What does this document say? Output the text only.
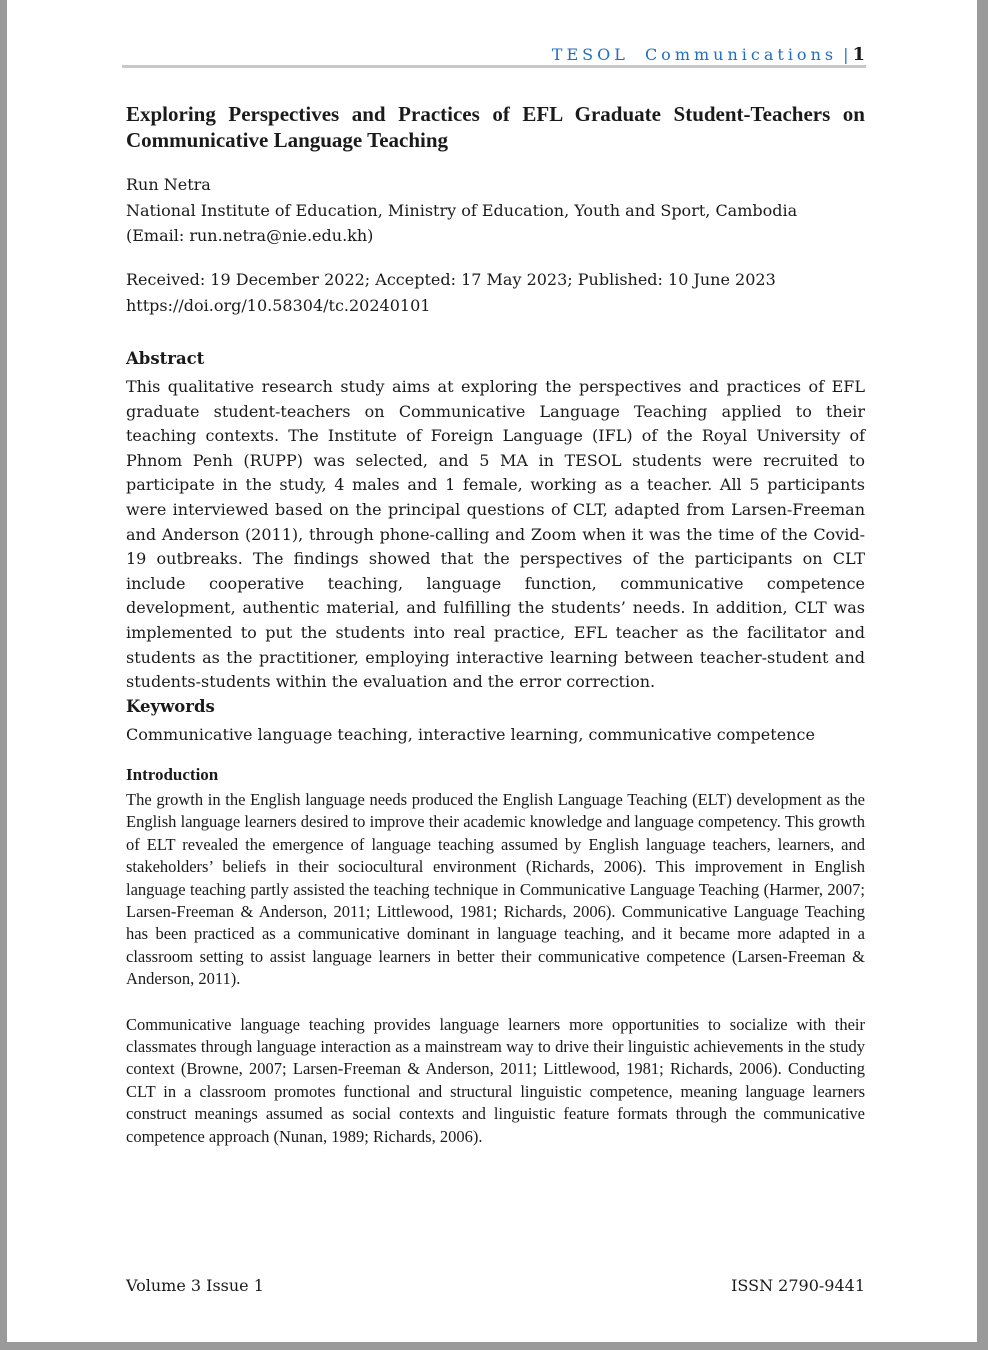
TESOL Communications | 1
Exploring Perspectives and Practices of EFL Graduate Student-Teachers on Communicative Language Teaching
Run Netra
National Institute of Education, Ministry of Education, Youth and Sport, Cambodia
(Email: run.netra@nie.edu.kh)
Received: 19 December 2022; Accepted: 17 May 2023; Published: 10 June 2023
https://doi.org/10.58304/tc.20240101
Abstract

This qualitative research study aims at exploring the perspectives and practices of EFL graduate student-teachers on Communicative Language Teaching applied to their teaching contexts. The Institute of Foreign Language (IFL) of the Royal University of Phnom Penh (RUPP) was selected, and 5 MA in TESOL students were recruited to participate in the study, 4 males and 1 female, working as a teacher. All 5 participants were interviewed based on the principal questions of CLT, adapted from Larsen-Freeman and Anderson (2011), through phone-calling and Zoom when it was the time of the Covid-19 outbreaks. The findings showed that the perspectives of the participants on CLT include cooperative teaching, language function, communicative competence development, authentic material, and fulfilling the students’ needs. In addition, CLT was implemented to put the students into real practice, EFL teacher as the facilitator and students as the practitioner, employing interactive learning between teacher-student and students-students within the evaluation and the error correction.

Keywords

Communicative language teaching, interactive learning, communicative competence

Introduction

The growth in the English language needs produced the English Language Teaching (ELT) development as the English language learners desired to improve their academic knowledge and language competency. This growth of ELT revealed the emergence of language teaching assumed by English language teachers, learners, and stakeholders’ beliefs in their sociocultural environment (Richards, 2006). This improvement in English language teaching partly assisted the teaching technique in Communicative Language Teaching (Harmer, 2007; Larsen-Freeman & Anderson, 2011; Littlewood, 1981; Richards, 2006). Communicative Language Teaching has been practiced as a communicative dominant in language teaching, and it became more adapted in a classroom setting to assist language learners in better their communicative competence (Larsen-Freeman & Anderson, 2011).

Communicative language teaching provides language learners more opportunities to socialize with their classmates through language interaction as a mainstream way to drive their linguistic achievements in the study context (Browne, 2007; Larsen-Freeman & Anderson, 2011; Littlewood, 1981; Richards, 2006). Conducting CLT in a classroom promotes functional and structural linguistic competence, meaning language learners construct meanings assumed as social contexts and linguistic feature formats through the communicative competence approach (Nunan, 1989; Richards, 2006).

Volume 3 Issue 1	ISSN 2790-9441
